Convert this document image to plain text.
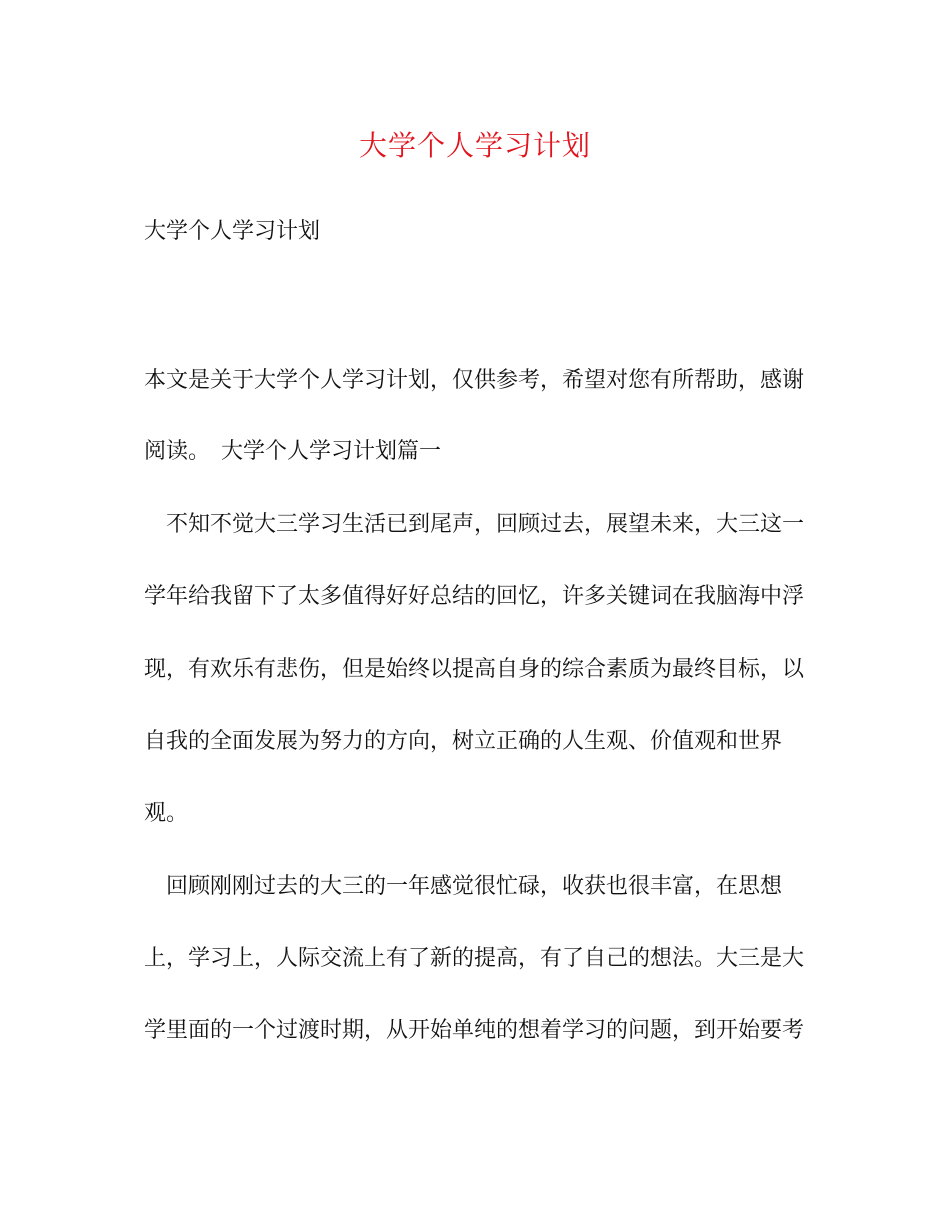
大学个人学习计划
大学个人学习计划
本文是关于大学个人学习计划，仅供参考，希望对您有所帮助，感谢
阅读。　大学个人学习计划篇一
　不知不觉大三学习生活已到尾声，回顾过去，展望未来，大三这一
学年给我留下了太多值得好好总结的回忆，许多关键词在我脑海中浮
现，有欢乐有悲伤，但是始终以提高自身的综合素质为最终目标，以
自我的全面发展为努力的方向，树立正确的人生观、价值观和世界
观。
　回顾刚刚过去的大三的一年感觉很忙碌，收获也很丰富，在思想
上，学习上，人际交流上有了新的提高，有了自己的想法。大三是大
学里面的一个过渡时期，从开始单纯的想着学习的问题，到开始要考
